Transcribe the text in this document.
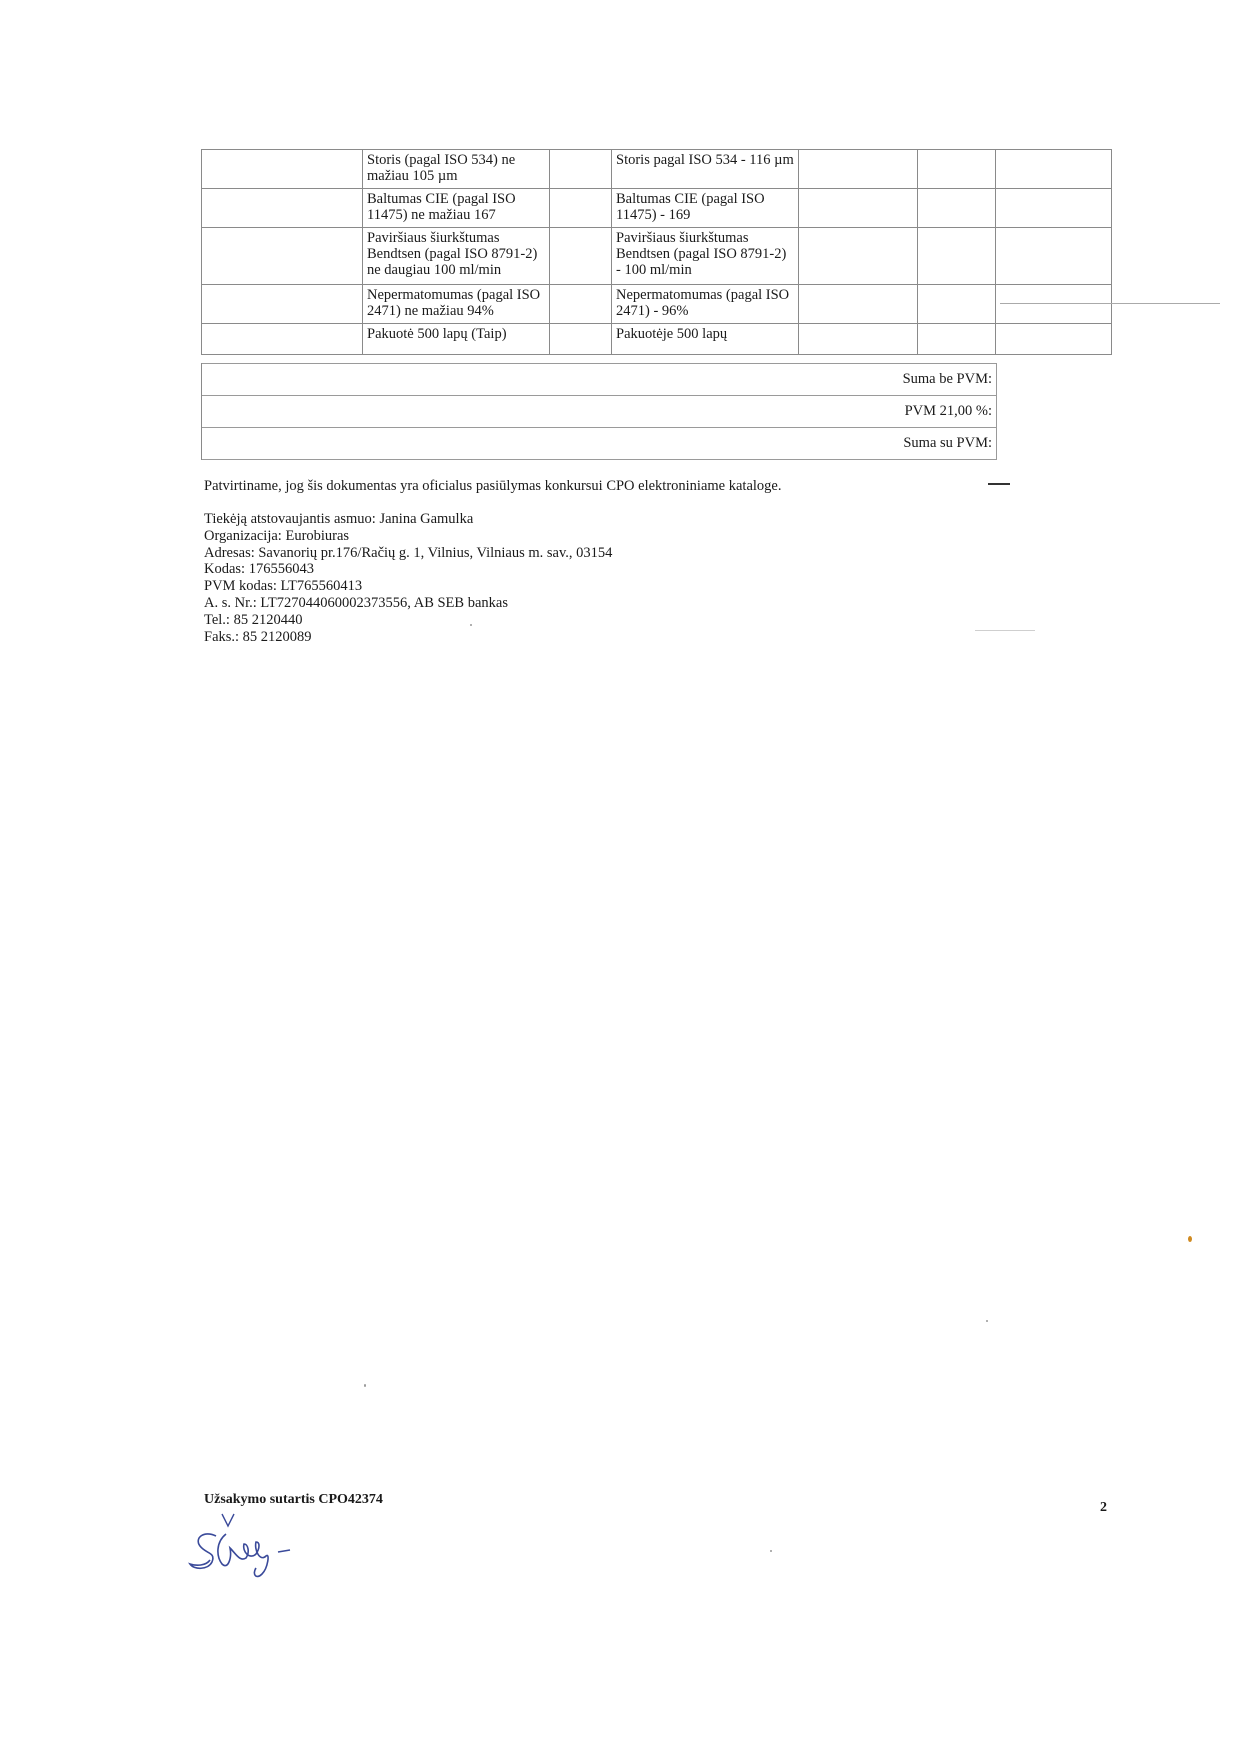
	Storis (pagal ISO 534) ne mažiau 105 µm		Storis pagal ISO 534 - 116 µm			
	Baltumas CIE (pagal ISO 11475) ne mažiau 167		Baltumas CIE (pagal ISO 11475) - 169			
	Paviršiaus šiurkštumas Bendtsen (pagal ISO 8791-2) ne daugiau 100 ml/min		Paviršiaus šiurkštumas Bendtsen (pagal ISO 8791-2) - 100 ml/min			
	Nepermatomumas (pagal ISO 2471) ne mažiau 94%		Nepermatomumas (pagal ISO 2471) - 96%			
	Pakuotė 500 lapų (Taip)		Pakuotėje 500 lapų			
Suma be PVM:
PVM 21,00 %:
Suma su PVM:
Patvirtiname, jog šis dokumentas yra oficialus pasiūlymas konkursui CPO elektroniniame kataloge.
Tiekėją atstovaujantis asmuo: Janina Gamulka
Organizacija: Eurobiuras
Adresas: Savanorių pr.176/Račių g. 1, Vilnius, Vilniaus m. sav., 03154
Kodas: 176556043
PVM kodas: LT765560413
A. s. Nr.: LT727044060002373556, AB SEB bankas
Tel.: 85 2120440
Faks.: 85 2120089
Užsakymo sutartis CPO42374
2
